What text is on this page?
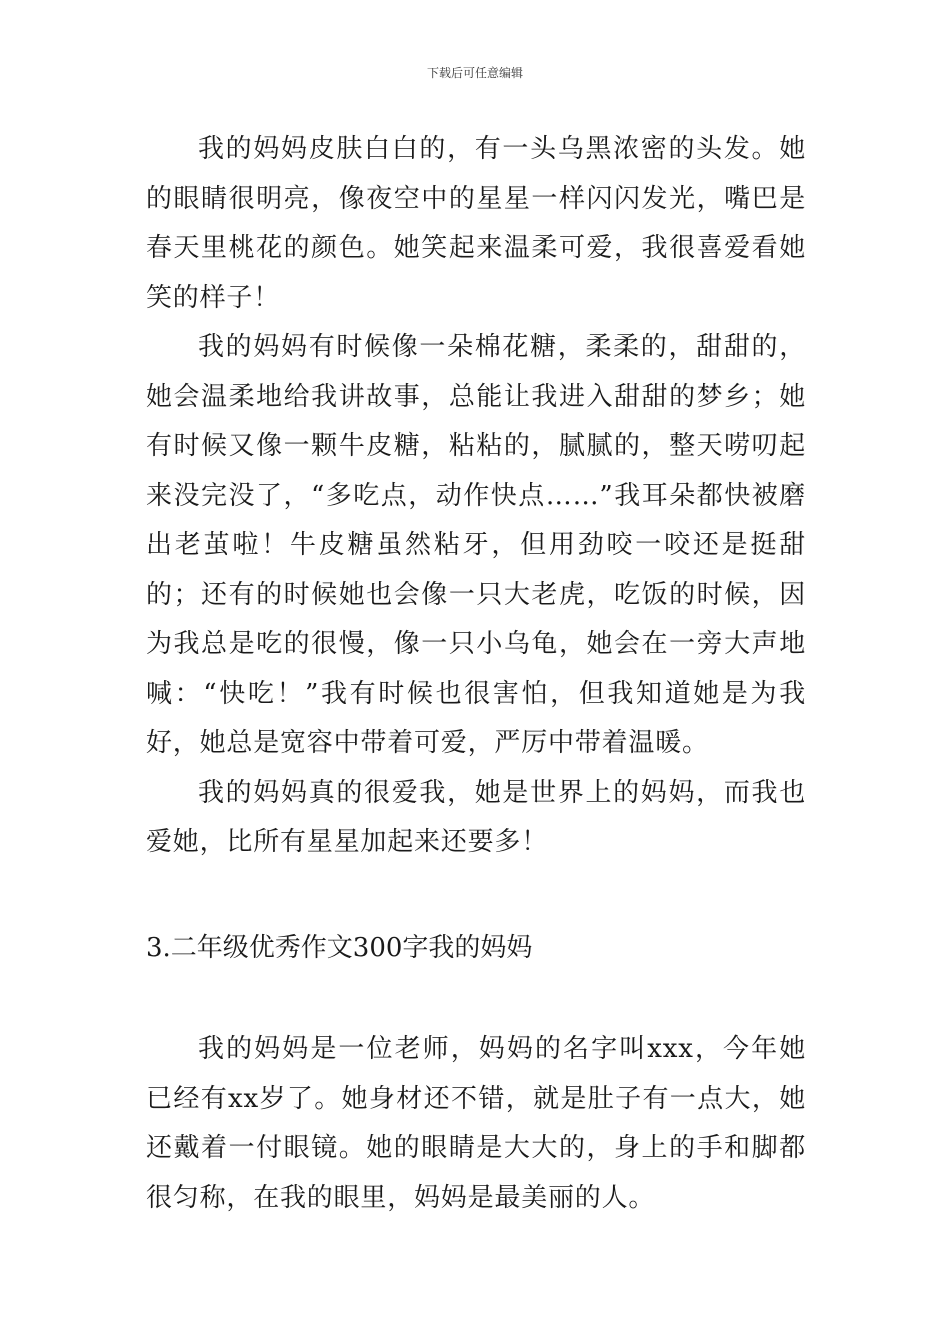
下载后可任意编辑

我的妈妈皮肤白白的，有一头乌黑浓密的头发。她的眼睛很明亮，像夜空中的星星一样闪闪发光，嘴巴是春天里桃花的颜色。她笑起来温柔可爱，我很喜爱看她笑的样子！

我的妈妈有时候像一朵棉花糖，柔柔的，甜甜的，她会温柔地给我讲故事，总能让我进入甜甜的梦乡；她有时候又像一颗牛皮糖，粘粘的，腻腻的，整天唠叨起来没完没了，“多吃点，动作快点……”我耳朵都快被磨出老茧啦！牛皮糖虽然粘牙，但用劲咬一咬还是挺甜的；还有的时候她也会像一只大老虎，吃饭的时候，因为我总是吃的很慢，像一只小乌龟，她会在一旁大声地喊：“快吃！”我有时候也很害怕，但我知道她是为我好，她总是宽容中带着可爱，严厉中带着温暖。

我的妈妈真的很爱我，她是世界上的妈妈，而我也爱她，比所有星星加起来还要多！

3.二年级优秀作文300字我的妈妈

我的妈妈是一位老师，妈妈的名字叫xxx，今年她已经有xx岁了。她身材还不错，就是肚子有一点大，她还戴着一付眼镜。她的眼睛是大大的，身上的手和脚都很匀称，在我的眼里，妈妈是最美丽的人。
